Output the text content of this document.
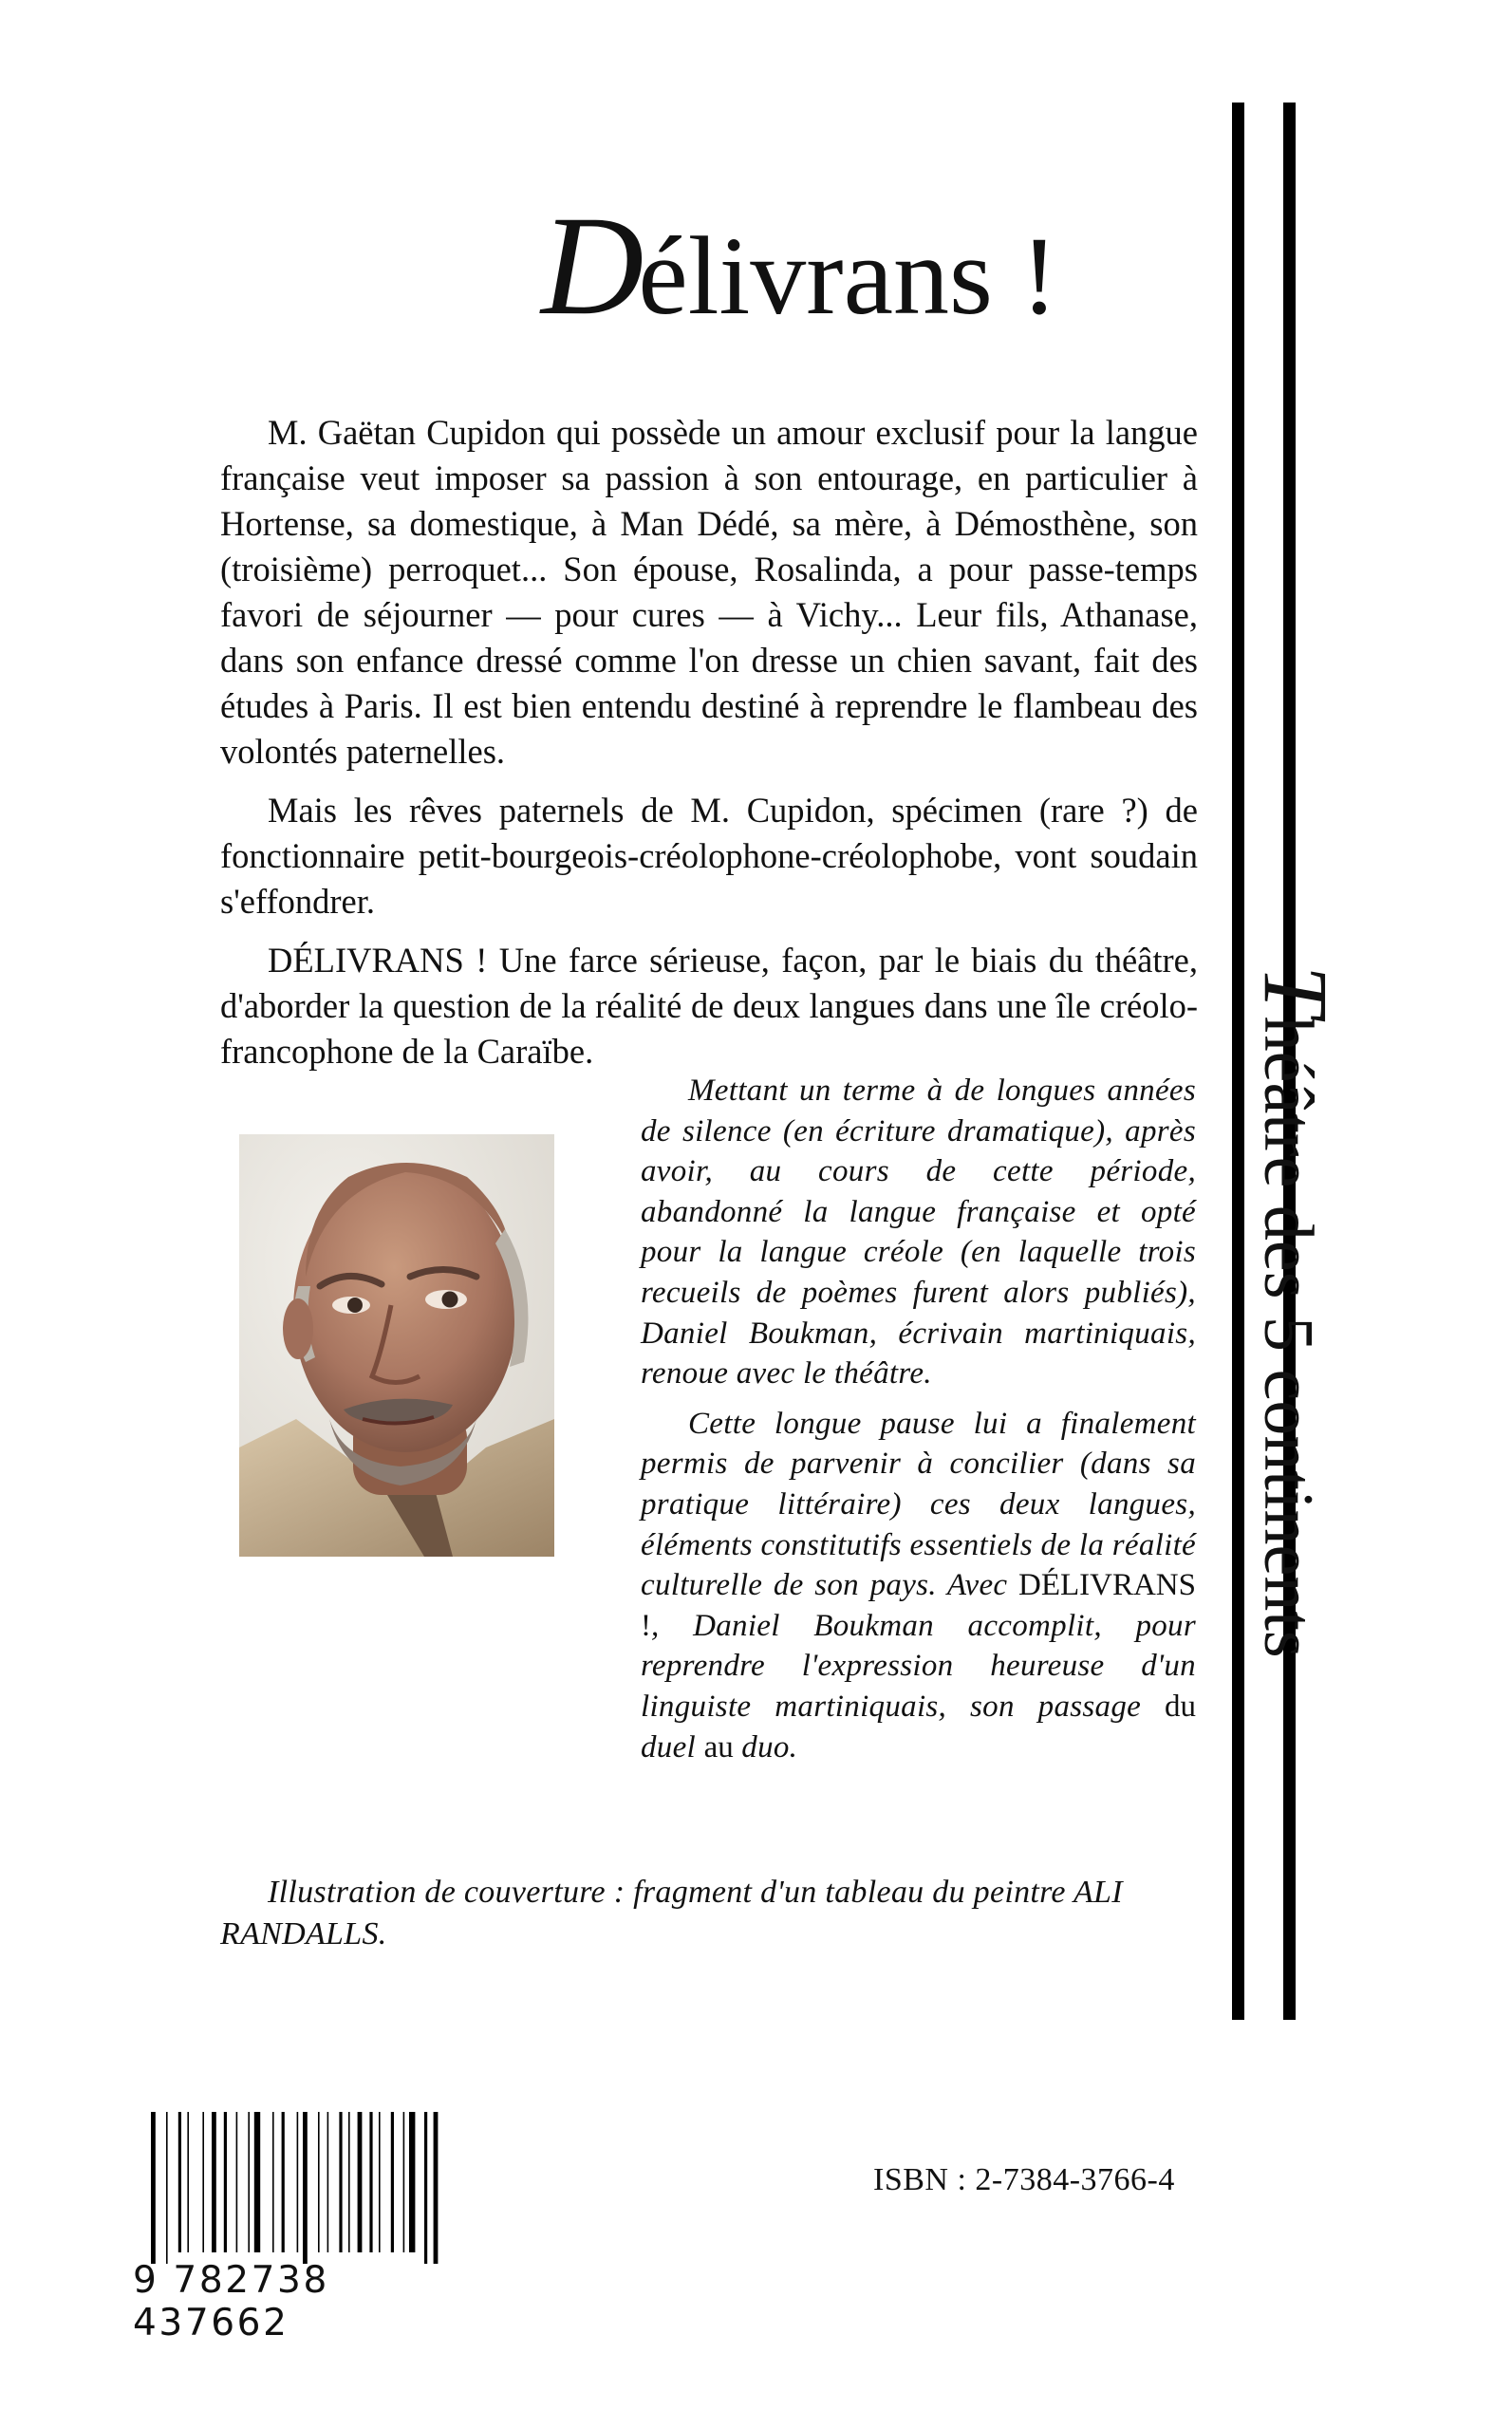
Délivrans !

M. Gaëtan Cupidon qui possède un amour exclusif pour la langue française veut imposer sa passion à son entourage, en particulier à Hortense, sa domestique, à Man Dédé, sa mère, à Démosthène, son (troisième) perroquet... Son épouse, Rosalinda, a pour passe-temps favori de séjourner — pour cures — à Vichy... Leur fils, Athanase, dans son enfance dressé comme l'on dresse un chien savant, fait des études à Paris. Il est bien entendu destiné à reprendre le flambeau des volontés paternelles.

Mais les rêves paternels de M. Cupidon, spécimen (rare ?) de fonctionnaire petit-bourgeois-créolophone-créolophobe, vont soudain s'effondrer.

DÉLIVRANS ! Une farce sérieuse, façon, par le biais du théâtre, d'aborder la question de la réalité de deux langues dans une île créolo-francophone de la Caraïbe.

Mettant un terme à de longues années de silence (en écriture dramatique), après avoir, au cours de cette période, abandonné la langue française et opté pour la langue créole (en laquelle trois recueils de poèmes furent alors publiés), Daniel Boukman, écrivain martiniquais, renoue avec le théâtre.

Cette longue pause lui a finalement permis de parvenir à concilier (dans sa pratique littéraire) ces deux langues, éléments constitutifs essentiels de la réalité culturelle de son pays. Avec DÉLIVRANS !, Daniel Boukman accomplit, pour reprendre l'expression heureuse d'un linguiste martiniquais, son passage du duel au duo.

Illustration de couverture : fragment d'un tableau du peintre ALI RANDALLS.
Théâtre des 5 continents
9 782738 437662
ISBN : 2-7384-3766-4
